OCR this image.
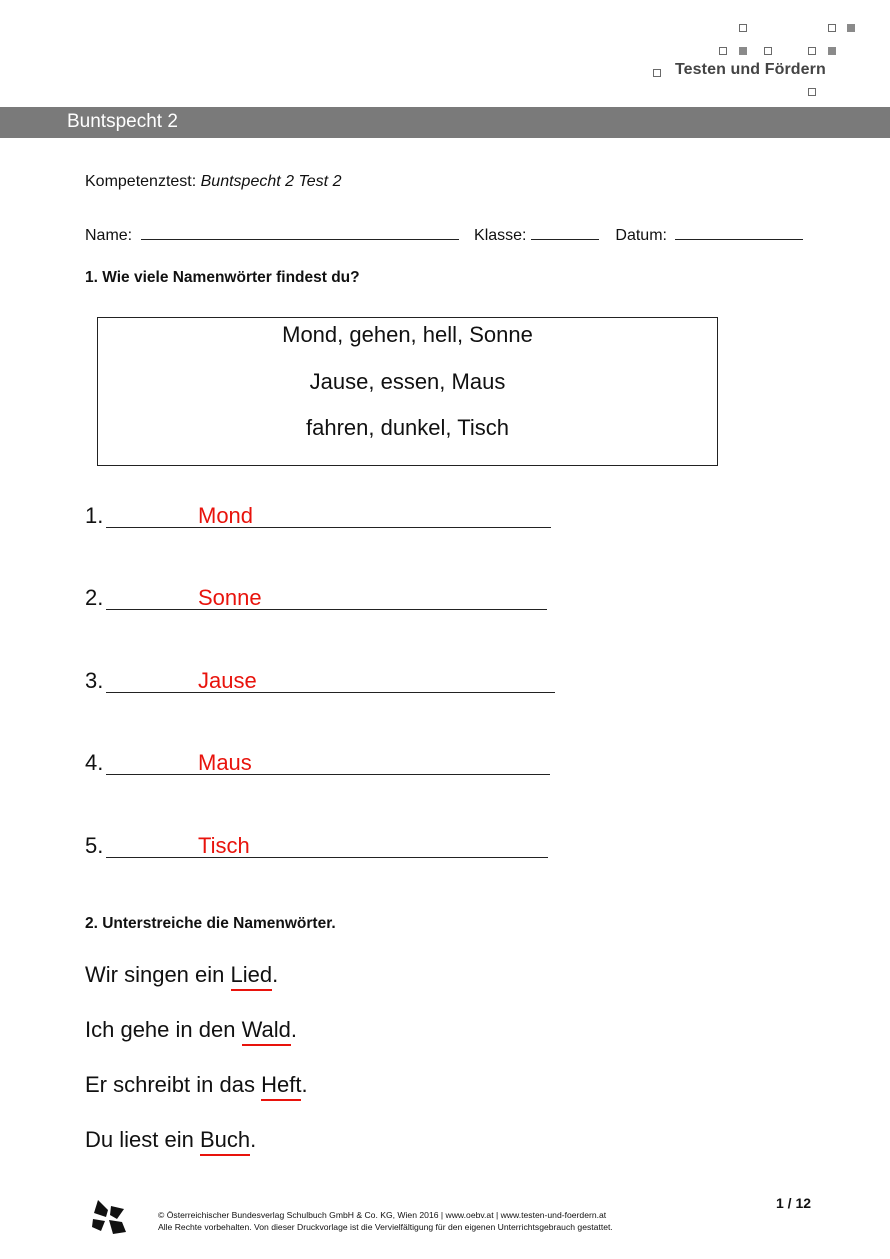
Testen und Fördern
Buntspecht 2
Kompetenztest: Buntspecht 2 Test 2
Name:	Klasse:	Datum:
1. Wie viele Namenwörter findest du?
Mond, gehen, hell, Sonne
Jause, essen, Maus
fahren, dunkel, Tisch
1.	Mond
2.	Sonne
3.	Jause
4.	Maus
5.	Tisch
2. Unterstreiche die Namenwörter.
Wir singen ein Lied.
Ich gehe in den Wald.
Er schreibt in das Heft.
Du liest ein Buch.
1 / 12
© Österreichischer Bundesverlag Schulbuch GmbH & Co. KG, Wien 2016 | www.oebv.at | www.testen-und-foerdern.at
Alle Rechte vorbehalten. Von dieser Druckvorlage ist die Vervielfältigung für den eigenen Unterrichtsgebrauch gestattet.
